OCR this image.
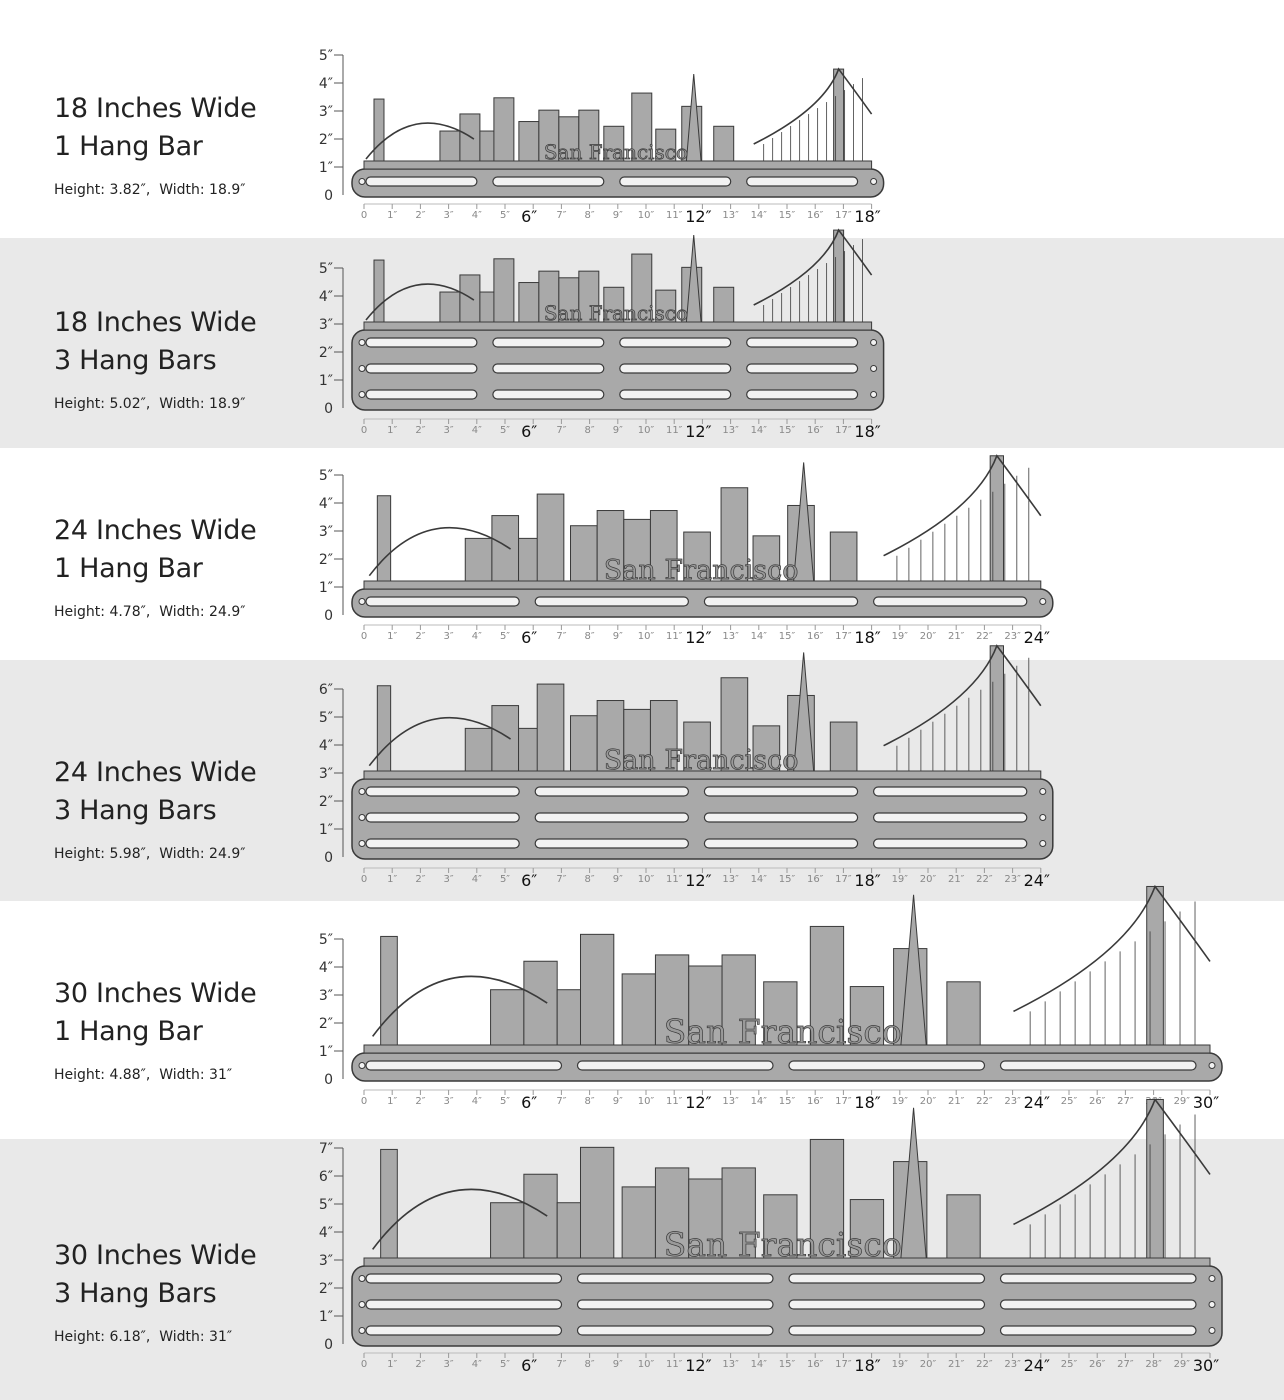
18 Inches Wide
1 Hang Bar
Height: 3.82″, Width: 18.9″	0
1″
2″
3″
4″
5″
San Francisco
0 1″ 2″ 3″ 4″ 5″ 6″ 7″ 8″ 9″ 10″ 11″ 12″ 13″ 14″ 15″ 16″ 17″ 18″
18 Inches Wide
3 Hang Bars
Height: 5.02″, Width: 18.9″	0
1″
2″
3″
4″
5″
San Francisco
0 1″ 2″ 3″ 4″ 5″ 6″ 7″ 8″ 9″ 10″ 11″ 12″ 13″ 14″ 15″ 16″ 17″ 18″
24 Inches Wide
1 Hang Bar
Height: 4.78″, Width: 24.9″	0
1″
2″
3″
4″
5″
San Francisco
0 1″ 2″ 3″ 4″ 5″ 6″ 7″ 8″ 9″ 10″ 11″ 12″ 13″ 14″ 15″ 16″ 17″ 18″ 19″ 20″ 21″ 22″ 23″ 24″
24 Inches Wide
3 Hang Bars
Height: 5.98″, Width: 24.9″	0
1″
2″
3″
4″
5″
6″
San Francisco
0 1″ 2″ 3″ 4″ 5″ 6″ 7″ 8″ 9″ 10″ 11″ 12″ 13″ 14″ 15″ 16″ 17″ 18″ 19″ 20″ 21″ 22″ 23″ 24″
30 Inches Wide
1 Hang Bar
Height: 4.88″, Width: 31″	0
1″
2″
3″
4″
5″
San Francisco
0 1″ 2″ 3″ 4″ 5″ 6″ 7″ 8″ 9″ 10″ 11″ 12″ 13″ 14″ 15″ 16″ 17″ 18″ 19″ 20″ 21″ 22″ 23″ 24″ 25″ 26″ 27″	29″ 30″
30 Inches Wide
3 Hang Bars
Height: 6.18″, Width: 31″	0
1″
2″
3″
4″
5″
6″
7″
San Francisco
0 1″ 2″ 3″ 4″ 5″ 6″ 7″ 8″ 9″ 10″ 11″ 12″ 13″ 14″ 15″ 16″ 17″ 18″ 19″ 20″ 21″ 22″ 23″ 24″ 25″ 26″ 27″ 28″ 29″ 30″
